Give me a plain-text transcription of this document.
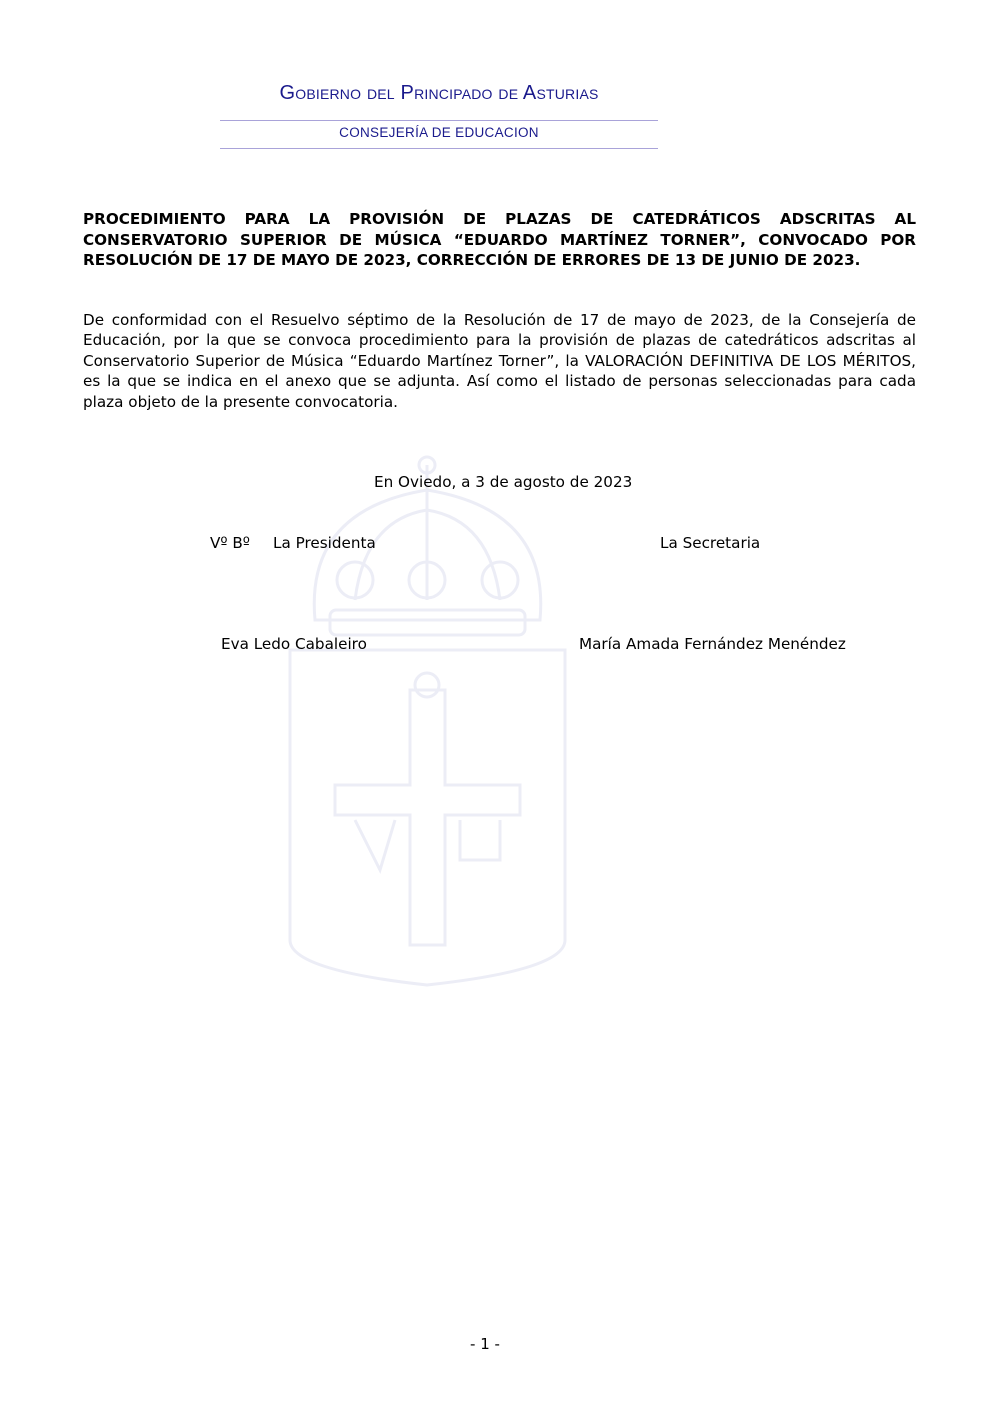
Gobierno del Principado de Asturias
CONSEJERÍA DE EDUCACION
PROCEDIMIENTO PARA LA PROVISIÓN DE PLAZAS DE CATEDRÁTICOS ADSCRITAS AL
CONSERVATORIO SUPERIOR DE MÚSICA “EDUARDO MARTÍNEZ TORNER”, CONVOCADO POR
RESOLUCIÓN DE 17 DE MAYO DE 2023, CORRECCIÓN DE ERRORES DE 13 DE JUNIO DE 2023.
De conformidad con el Resuelvo séptimo de la Resolución de 17 de mayo de 2023, de la Consejería de Educación, por la que se convoca procedimiento para la provisión de plazas de catedráticos adscritas al Conservatorio Superior de Música “Eduardo Martínez Torner”, la VALORACIÓN DEFINITIVA DE LOS MÉRITOS, es la que se indica en el anexo que se adjunta. Así como el listado de personas seleccionadas para cada plaza objeto de la presente convocatoria.
En Oviedo, a 3 de agosto de 2023
Vº Bº La Presidenta	La Secretaria
Eva Ledo Cabaleiro	María Amada Fernández Menéndez
- 1 -
